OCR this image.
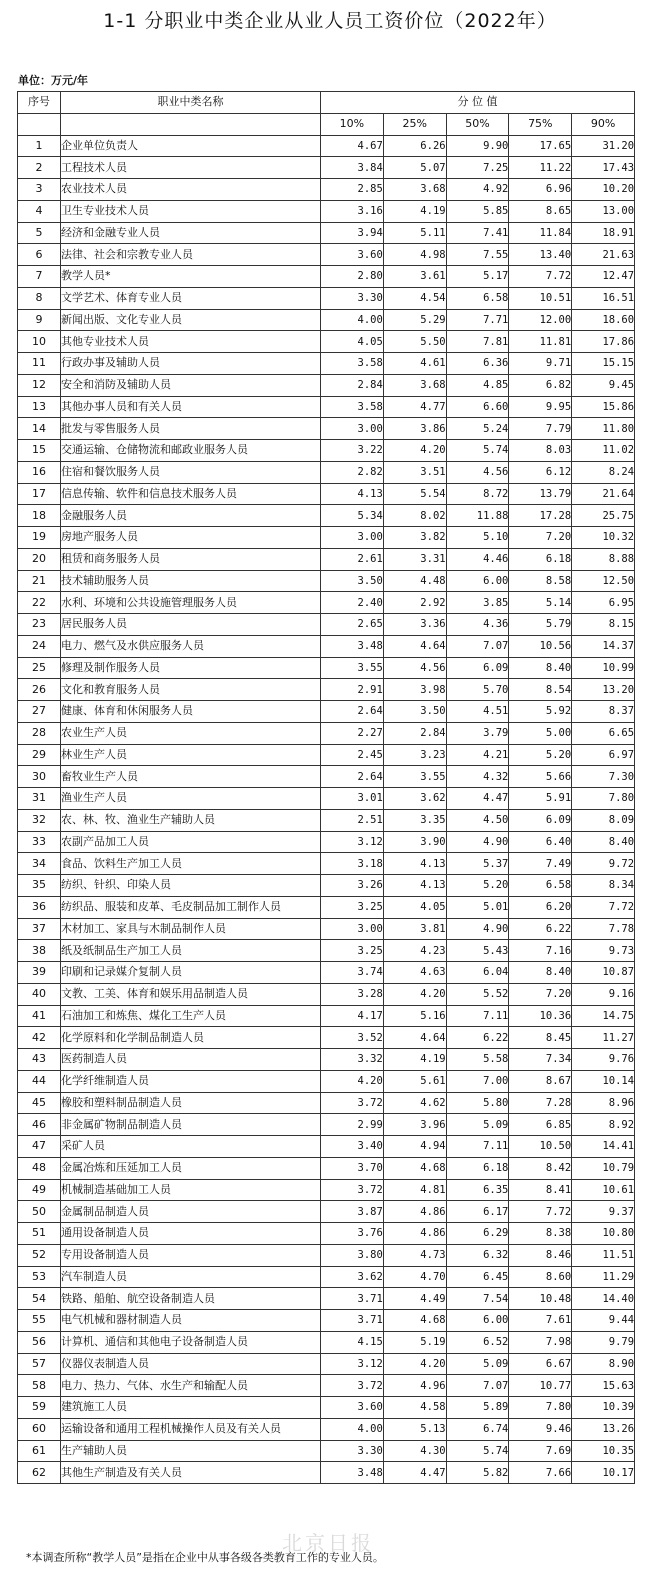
1-1 分职业中类企业从业人员工资价位（2022年）
单位：万元/年
序号	职业中类名称	分 位 值				
		10%	25%	50%	75%	90%
1	企业单位负责人	4.67	6.26	9.90	17.65	31.20
2	工程技术人员	3.84	5.07	7.25	11.22	17.43
3	农业技术人员	2.85	3.68	4.92	6.96	10.20
4	卫生专业技术人员	3.16	4.19	5.85	8.65	13.00
5	经济和金融专业人员	3.94	5.11	7.41	11.84	18.91
6	法律、社会和宗教专业人员	3.60	4.98	7.55	13.40	21.63
7	教学人员*	2.80	3.61	5.17	7.72	12.47
8	文学艺术、体育专业人员	3.30	4.54	6.58	10.51	16.51
9	新闻出版、文化专业人员	4.00	5.29	7.71	12.00	18.60
10	其他专业技术人员	4.05	5.50	7.81	11.81	17.86
11	行政办事及辅助人员	3.58	4.61	6.36	9.71	15.15
12	安全和消防及辅助人员	2.84	3.68	4.85	6.82	9.45
13	其他办事人员和有关人员	3.58	4.77	6.60	9.95	15.86
14	批发与零售服务人员	3.00	3.86	5.24	7.79	11.80
15	交通运输、仓储物流和邮政业服务人员	3.22	4.20	5.74	8.03	11.02
16	住宿和餐饮服务人员	2.82	3.51	4.56	6.12	8.24
17	信息传输、软件和信息技术服务人员	4.13	5.54	8.72	13.79	21.64
18	金融服务人员	5.34	8.02	11.88	17.28	25.75
19	房地产服务人员	3.00	3.82	5.10	7.20	10.32
20	租赁和商务服务人员	2.61	3.31	4.46	6.18	8.88
21	技术辅助服务人员	3.50	4.48	6.00	8.58	12.50
22	水利、环境和公共设施管理服务人员	2.40	2.92	3.85	5.14	6.95
23	居民服务人员	2.65	3.36	4.36	5.79	8.15
24	电力、燃气及水供应服务人员	3.48	4.64	7.07	10.56	14.37
25	修理及制作服务人员	3.55	4.56	6.09	8.40	10.99
26	文化和教育服务人员	2.91	3.98	5.70	8.54	13.20
27	健康、体育和休闲服务人员	2.64	3.50	4.51	5.92	8.37
28	农业生产人员	2.27	2.84	3.79	5.00	6.65
29	林业生产人员	2.45	3.23	4.21	5.20	6.97
30	畜牧业生产人员	2.64	3.55	4.32	5.66	7.30
31	渔业生产人员	3.01	3.62	4.47	5.91	7.80
32	农、林、牧、渔业生产辅助人员	2.51	3.35	4.50	6.09	8.09
33	农副产品加工人员	3.12	3.90	4.90	6.40	8.40
34	食品、饮料生产加工人员	3.18	4.13	5.37	7.49	9.72
35	纺织、针织、印染人员	3.26	4.13	5.20	6.58	8.34
36	纺织品、服装和皮革、毛皮制品加工制作人员	3.25	4.05	5.01	6.20	7.72
37	木材加工、家具与木制品制作人员	3.00	3.81	4.90	6.22	7.78
38	纸及纸制品生产加工人员	3.25	4.23	5.43	7.16	9.73
39	印刷和记录媒介复制人员	3.74	4.63	6.04	8.40	10.87
40	文教、工美、体育和娱乐用品制造人员	3.28	4.20	5.52	7.20	9.16
41	石油加工和炼焦、煤化工生产人员	4.17	5.16	7.11	10.36	14.75
42	化学原料和化学制品制造人员	3.52	4.64	6.22	8.45	11.27
43	医药制造人员	3.32	4.19	5.58	7.34	9.76
44	化学纤维制造人员	4.20	5.61	7.00	8.67	10.14
45	橡胶和塑料制品制造人员	3.72	4.62	5.80	7.28	8.96
46	非金属矿物制品制造人员	2.99	3.96	5.09	6.85	8.92
47	采矿人员	3.40	4.94	7.11	10.50	14.41
48	金属冶炼和压延加工人员	3.70	4.68	6.18	8.42	10.79
49	机械制造基础加工人员	3.72	4.81	6.35	8.41	10.61
50	金属制品制造人员	3.87	4.86	6.17	7.72	9.37
51	通用设备制造人员	3.76	4.86	6.29	8.38	10.80
52	专用设备制造人员	3.80	4.73	6.32	8.46	11.51
53	汽车制造人员	3.62	4.70	6.45	8.60	11.29
54	铁路、船舶、航空设备制造人员	3.71	4.49	7.54	10.48	14.40
55	电气机械和器材制造人员	3.71	4.68	6.00	7.61	9.44
56	计算机、通信和其他电子设备制造人员	4.15	5.19	6.52	7.98	9.79
57	仪器仪表制造人员	3.12	4.20	5.09	6.67	8.90
58	电力、热力、气体、水生产和输配人员	3.72	4.96	7.07	10.77	15.63
59	建筑施工人员	3.60	4.58	5.89	7.80	10.39
60	运输设备和通用工程机械操作人员及有关人员	4.00	5.13	6.74	9.46	13.26
61	生产辅助人员	3.30	4.30	5.74	7.69	10.35
62	其他生产制造及有关人员	3.48	4.47	5.82	7.66	10.17
北京日报
*本调查所称“教学人员”是指在企业中从事各级各类教育工作的专业人员。
